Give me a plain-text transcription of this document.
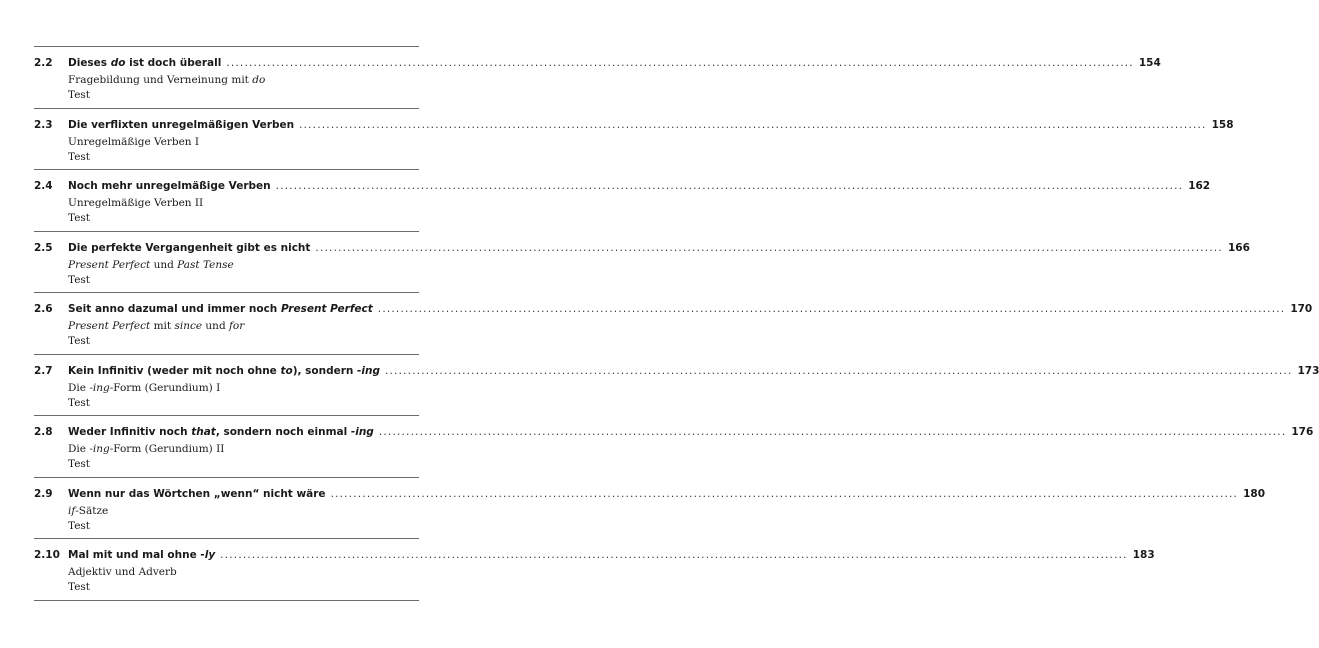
2.2	Dieses do ist doch überall ........................................................................................................................................................................................................ 154
Fragebildung und Verneinung mit do
Test
2.3	Die verflixten unregelmäßigen Verben ........................................................................................................................................................................................................ 158
Unregelmäßige Verben I
Test
2.4	Noch mehr unregelmäßige Verben ........................................................................................................................................................................................................ 162
Unregelmäßige Verben II
Test
2.5	Die perfekte Vergangenheit gibt es nicht ........................................................................................................................................................................................................ 166
Present Perfect und Past Tense
Test
2.6	Seit anno dazumal und immer noch Present Perfect ........................................................................................................................................................................................................ 170
Present Perfect mit since und for
Test
2.7	Kein Infinitiv (weder mit noch ohne to), sondern -ing ........................................................................................................................................................................................................ 173
Die -ing-Form (Gerundium) I
Test
2.8	Weder Infinitiv noch that, sondern noch einmal -ing ........................................................................................................................................................................................................ 176
Die -ing-Form (Gerundium) II
Test
2.9	Wenn nur das Wörtchen „wenn“ nicht wäre ........................................................................................................................................................................................................ 180
if-Sätze
Test
2.10 Mal mit und mal ohne -ly ........................................................................................................................................................................................................ 183
Adjektiv und Adverb
Test
